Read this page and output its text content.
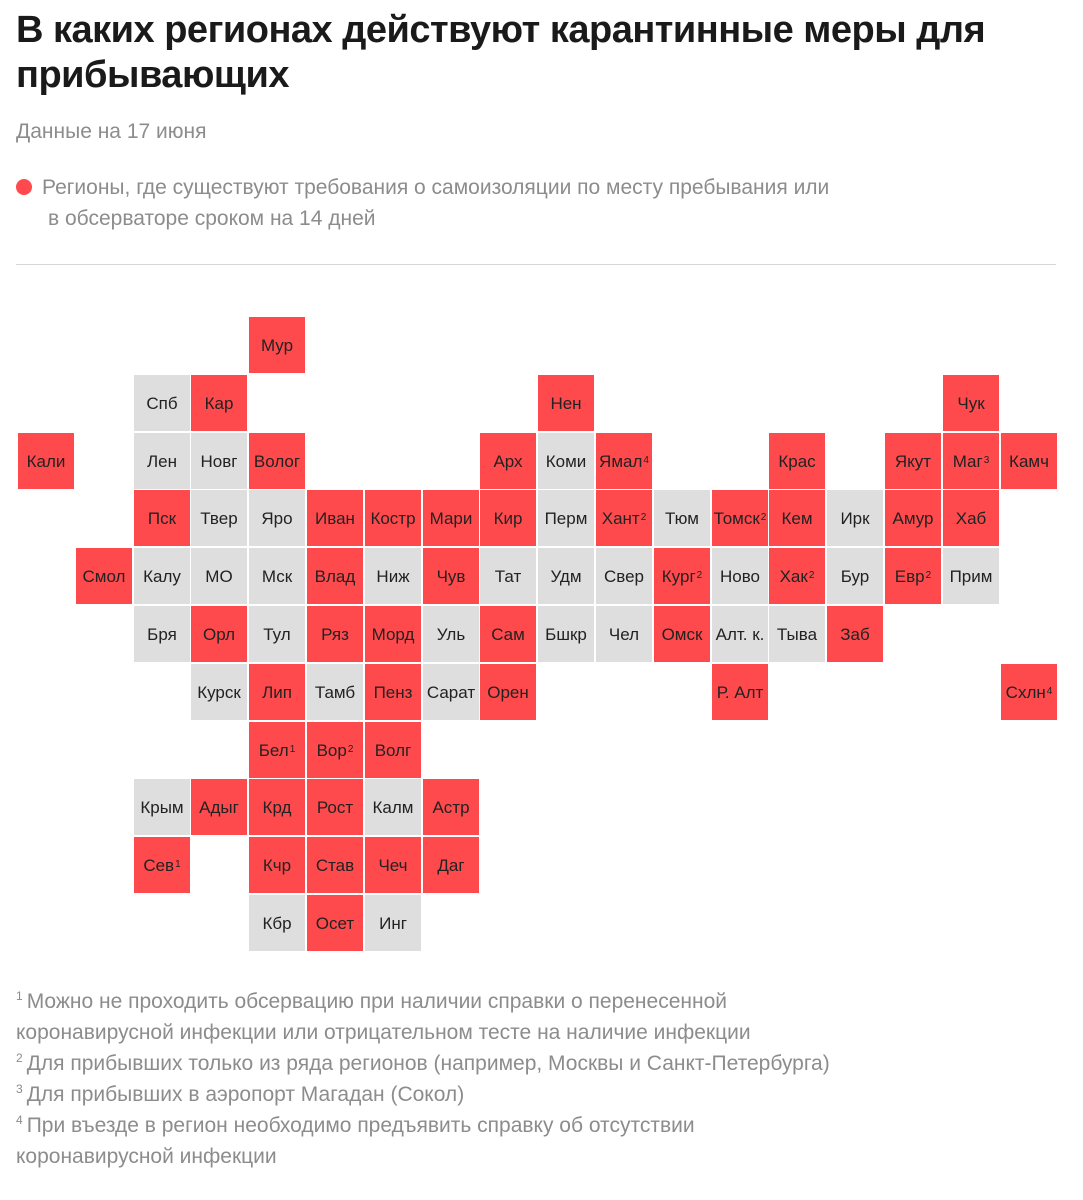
В каких регионах действуют карантинные меры для прибывающих
Данные на 17 июня
Регионы, где существуют требования о самоизоляции по месту пребывания или
в обсерваторе сроком на 14 дней
Мур
Спб Кар	Нен	Чук
Кали	Лен Новг Волог	Арх Коми Ямал 4	Крас	Якут Маг 3 Камч
Пск Твер Яро Иван Костр Мари Кир Перм Хант 2 Тюм Томск 2 Кем Ирк Амур Хаб
Смол Калу МО Мск Влад Ниж Чув Тат Удм Свер Кург 2 Ново Хак 2 Бур Евр 2 Прим
Бря Орл Тул Ряз Морд Уль Сам Бшкр Чел Омск Алт. к. Тыва Заб
Курск Лип Тамб Пенз Сарат Орен	Р. Алт	Схлн 4
Бел 1 Вор 2 Волг
Крым Адыг Крд Рост Калм Астр
Сев 1	Кчр Став Чеч Даг
Кбр Осет Инг

$^1$ Можно не проходить обсервацию при наличии справки о перенесенной
коронавирусной инфекции или отрицательном тесте на наличие инфекции

$^2$ Для прибывших только из ряда регионов (например, Москвы и Санкт-Петербурга)

$^3$ Для прибывших в аэропорт Магадан (Сокол)

$^4$ При въезде в регион необходимо предъявить справку об отсутствии
коронавирусной инфекции
